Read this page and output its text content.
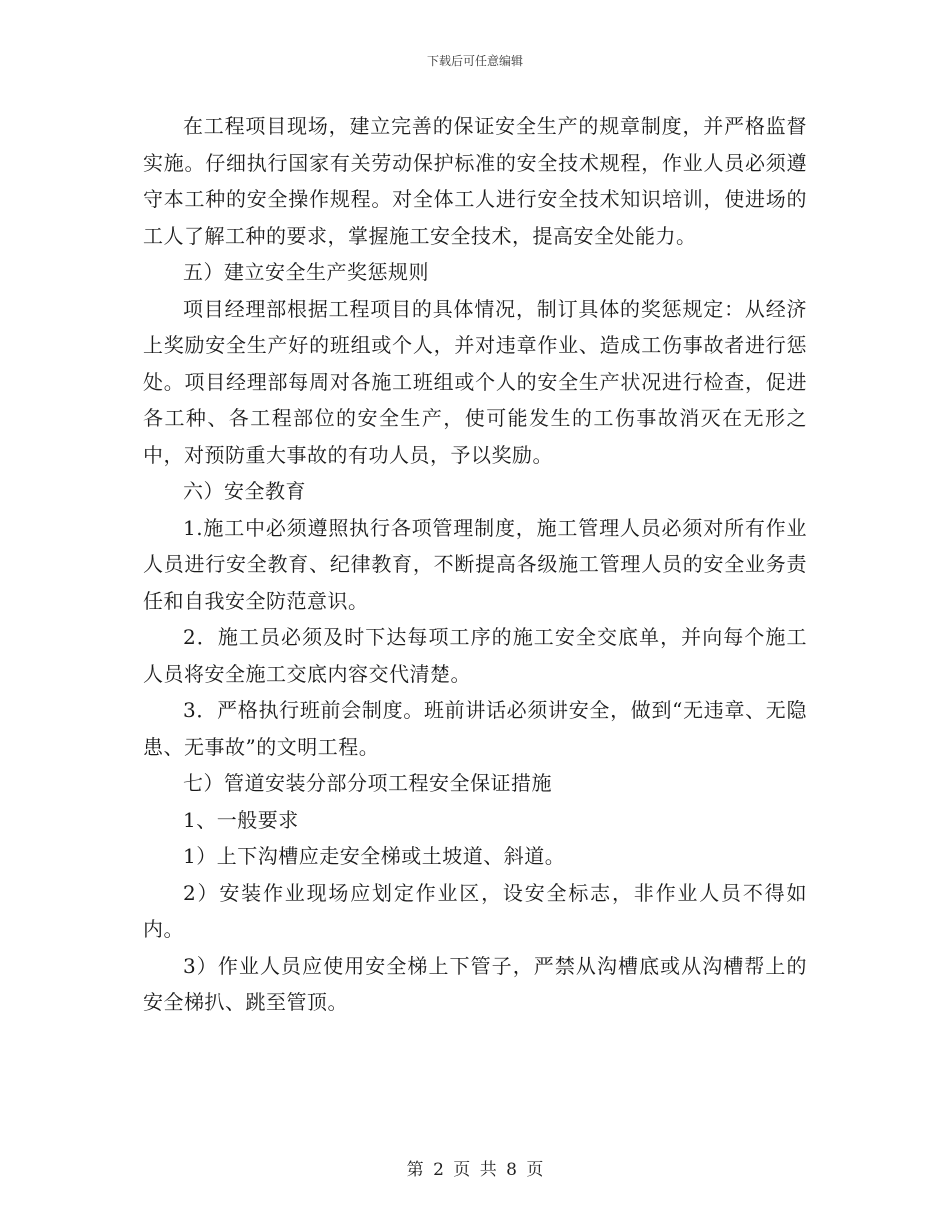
下载后可任意编辑

在工程项目现场，建立完善的保证安全生产的规章制度，并严格监督实施。仔细执行国家有关劳动保护标准的安全技术规程，作业人员必须遵守本工种的安全操作规程。对全体工人进行安全技术知识培训，使进场的工人了解工种的要求，掌握施工安全技术，提高安全处能力。

五）建立安全生产奖惩规则

项目经理部根据工程项目的具体情况，制订具体的奖惩规定：从经济上奖励安全生产好的班组或个人，并对违章作业、造成工伤事故者进行惩处。项目经理部每周对各施工班组或个人的安全生产状况进行检查，促进各工种、各工程部位的安全生产，使可能发生的工伤事故消灭在无形之中，对预防重大事故的有功人员，予以奖励。

六）安全教育

1.施工中必须遵照执行各项管理制度，施工管理人员必须对所有作业人员进行安全教育、纪律教育，不断提高各级施工管理人员的安全业务责任和自我安全防范意识。

2．施工员必须及时下达每项工序的施工安全交底单，并向每个施工人员将安全施工交底内容交代清楚。

3．严格执行班前会制度。班前讲话必须讲安全，做到“无违章、无隐患、无事故”的文明工程。

七）管道安装分部分项工程安全保证措施

1、一般要求

1）上下沟槽应走安全梯或土坡道、斜道。

2）安装作业现场应划定作业区，设安全标志，非作业人员不得如内。

3）作业人员应使用安全梯上下管子，严禁从沟槽底或从沟槽帮上的安全梯扒、跳至管顶。

第 2 页 共 8 页
